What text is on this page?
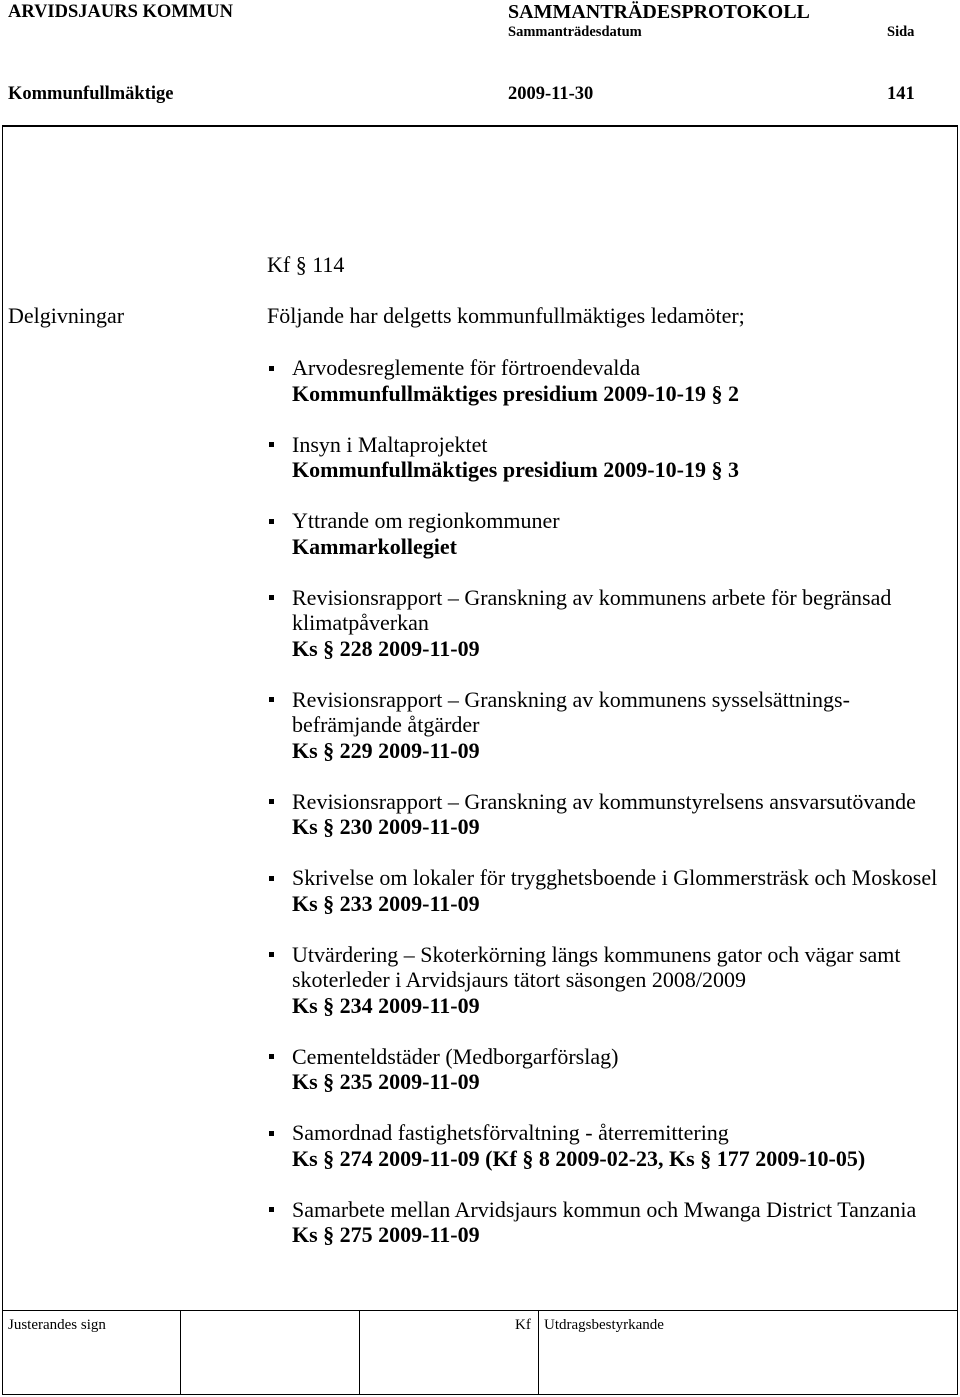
ARVIDSJAURS KOMMUN	SAMMANTRÄDESPROTOKOLL
Sammanträdesdatum	Sida
Kommunfullmäktige	2009-11-30	141
Kf § 114
Delgivningar	Följande har delgetts kommunfullmäktiges ledamöter;
Arvodesreglemente för förtroendevalda
Kommunfullmäktiges presidium 2009-10-19 § 2
Insyn i Maltaprojektet
Kommunfullmäktiges presidium 2009-10-19 § 3
Yttrande om regionkommuner
Kammarkollegiet
Revisionsrapport – Granskning av kommunens arbete för begränsad
klimatpåverkan
Ks § 228 2009-11-09
Revisionsrapport – Granskning av kommunens sysselsättnings-
befrämjande åtgärder
Ks § 229 2009-11-09
Revisionsrapport – Granskning av kommunstyrelsens ansvarsutövande
Ks § 230 2009-11-09
Skrivelse om lokaler för trygghetsboende i Glommersträsk och Moskosel
Ks § 233 2009-11-09
Utvärdering – Skoterkörning längs kommunens gator och vägar samt
skoterleder i Arvidsjaurs tätort säsongen 2008/2009
Ks § 234 2009-11-09
Cementeldstäder (Medborgarförslag)
Ks § 235 2009-11-09
Samordnad fastighetsförvaltning - återremittering
Ks § 274 2009-11-09 (Kf § 8 2009-02-23, Ks § 177 2009-10-05)
Samarbete mellan Arvidsjaurs kommun och Mwanga District Tanzania
Ks § 275 2009-11-09
Justerandes sign	Kf Utdragsbestyrkande
